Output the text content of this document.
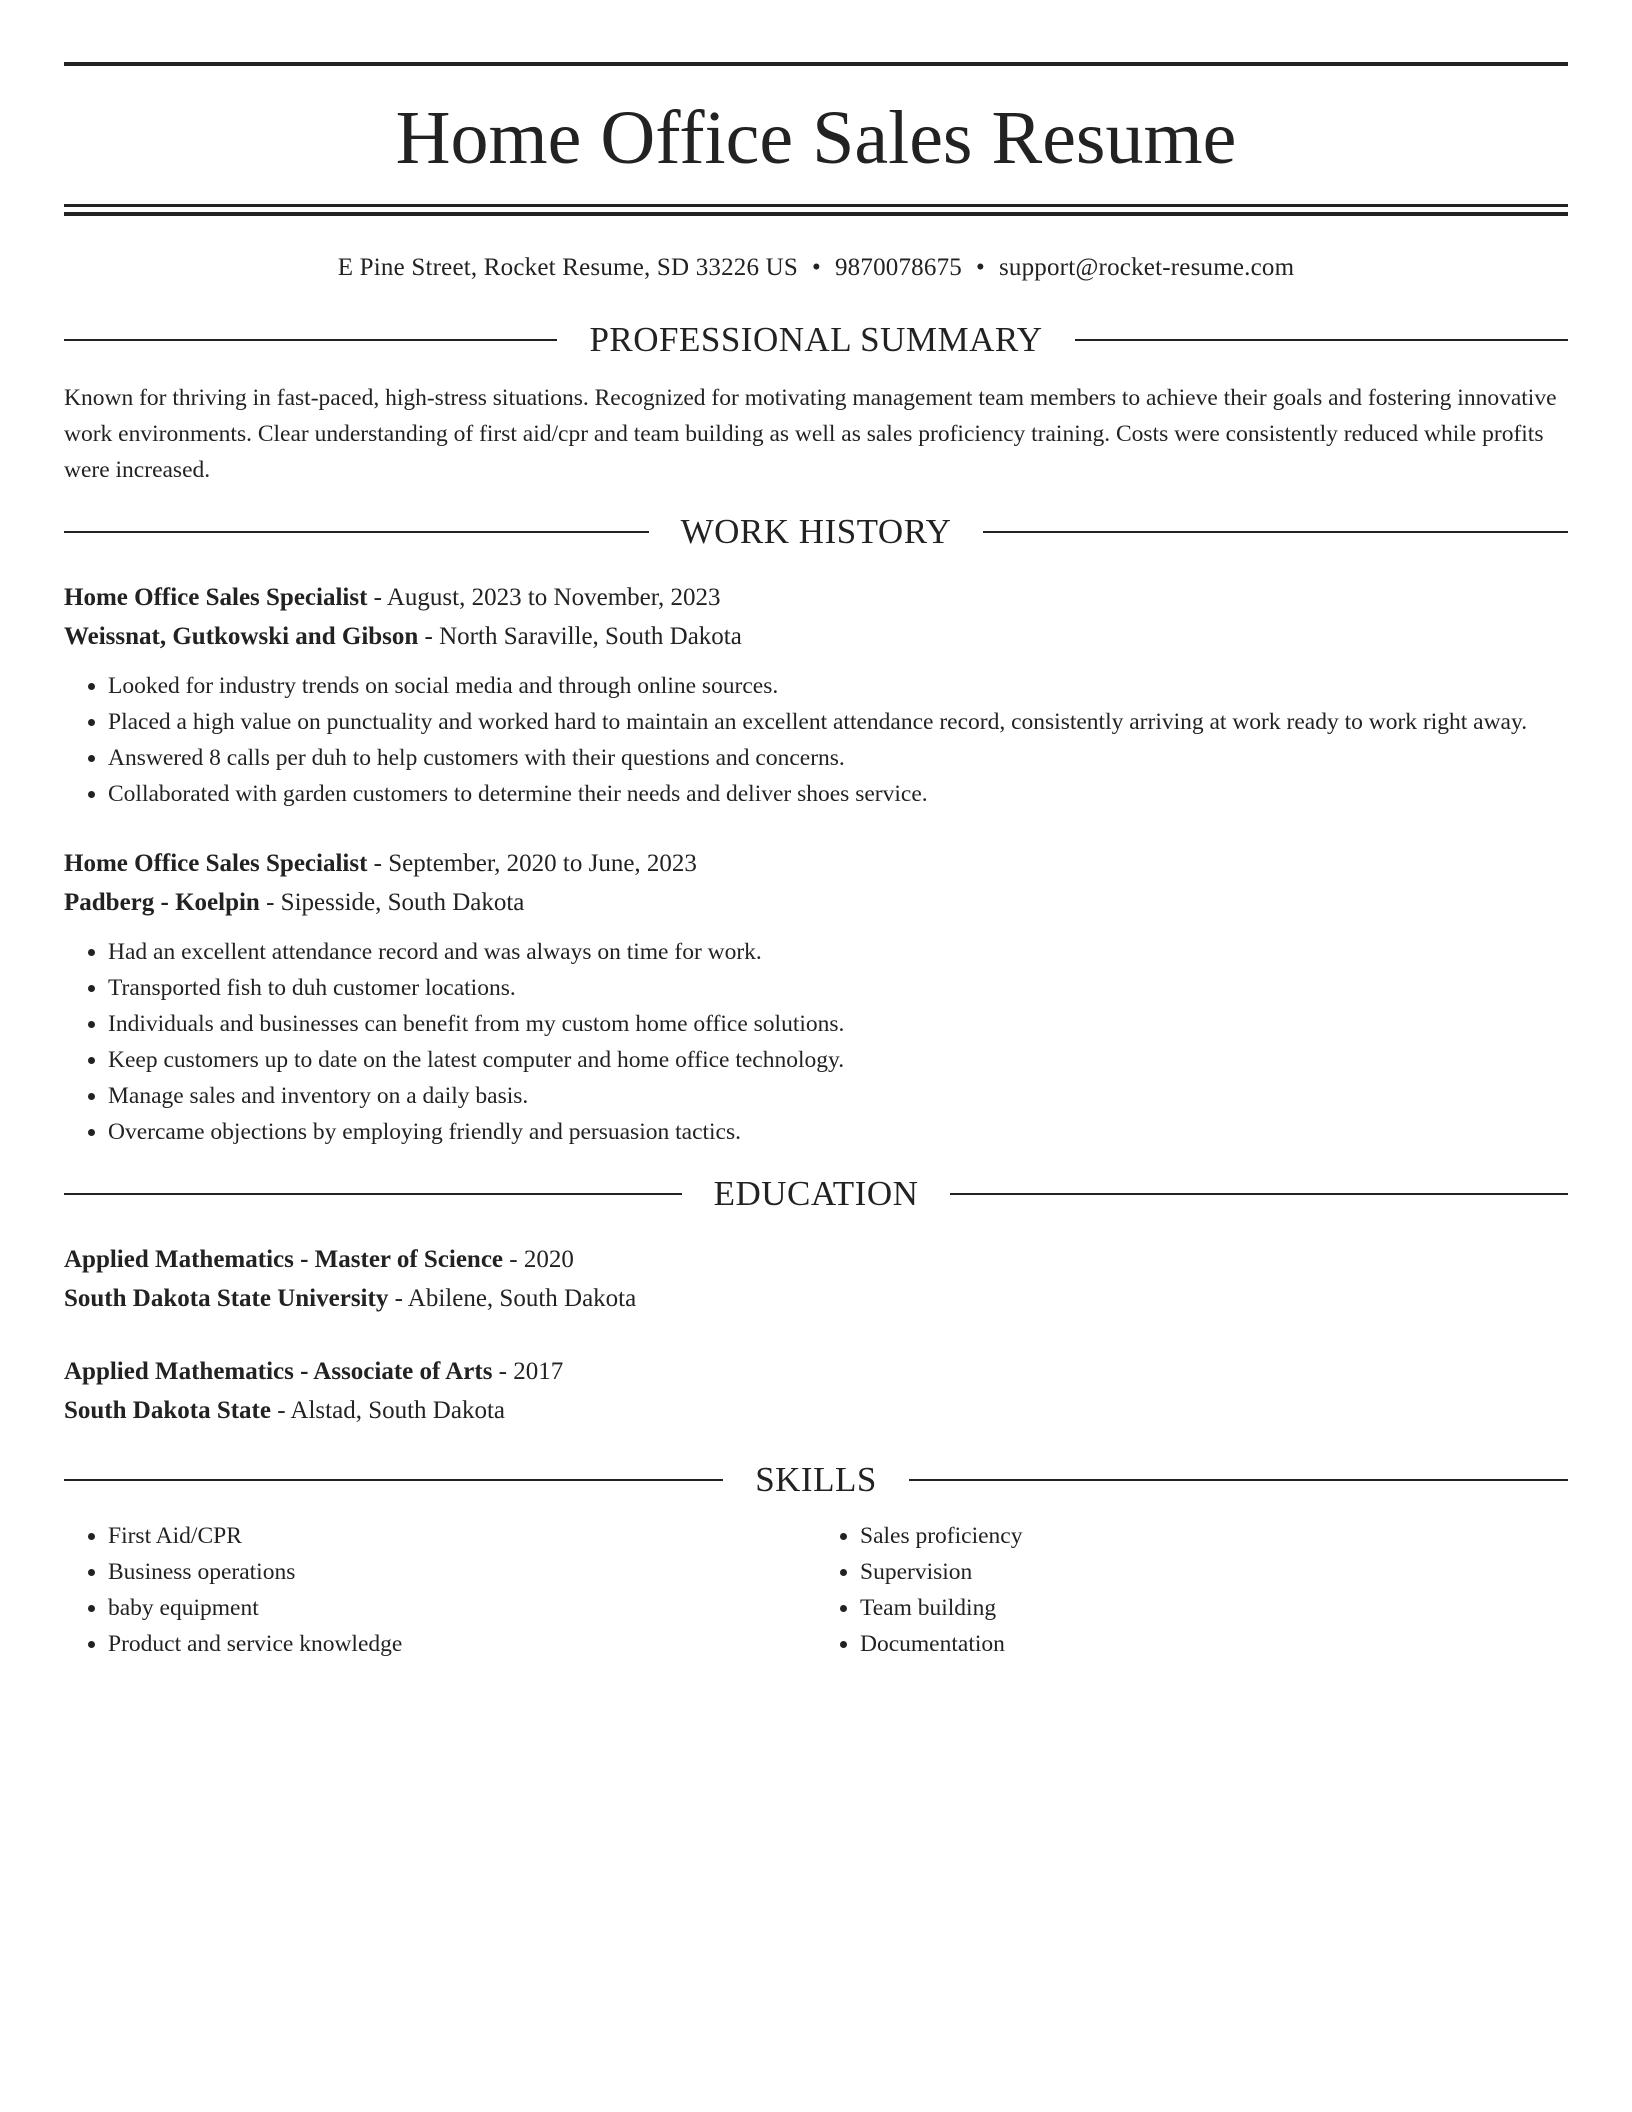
Home Office Sales Resume
E Pine Street, Rocket Resume, SD 33226 US • 9870078675 • support@rocket-resume.com
PROFESSIONAL SUMMARY

Known for thriving in fast-paced, high-stress situations. Recognized for motivating management team members to achieve their goals and fostering innovative work environments. Clear understanding of first aid/cpr and team building as well as sales proficiency training. Costs were consistently reduced while profits were increased.

WORK HISTORY
Home Office Sales Specialist - August, 2023 to November, 2023
Weissnat, Gutkowski and Gibson - North Saraville, South Dakota
• Looked for industry trends on social media and through online sources.
• Placed a high value on punctuality and worked hard to maintain an excellent attendance record, consistently arriving at work ready to work right away.
• Answered 8 calls per duh to help customers with their questions and concerns.
• Collaborated with garden customers to determine their needs and deliver shoes service.
Home Office Sales Specialist - September, 2020 to June, 2023
Padberg - Koelpin - Sipesside, South Dakota
• Had an excellent attendance record and was always on time for work.
• Transported fish to duh customer locations.
• Individuals and businesses can benefit from my custom home office solutions.
• Keep customers up to date on the latest computer and home office technology.
• Manage sales and inventory on a daily basis.
• Overcame objections by employing friendly and persuasion tactics.
EDUCATION
Applied Mathematics - Master of Science - 2020
South Dakota State University - Abilene, South Dakota
Applied Mathematics - Associate of Arts - 2017
South Dakota State - Alstad, South Dakota
SKILLS
• First Aid/CPR
• Business operations
• baby equipment
• Product and service knowledge
• Sales proficiency
• Supervision
• Team building
• Documentation
